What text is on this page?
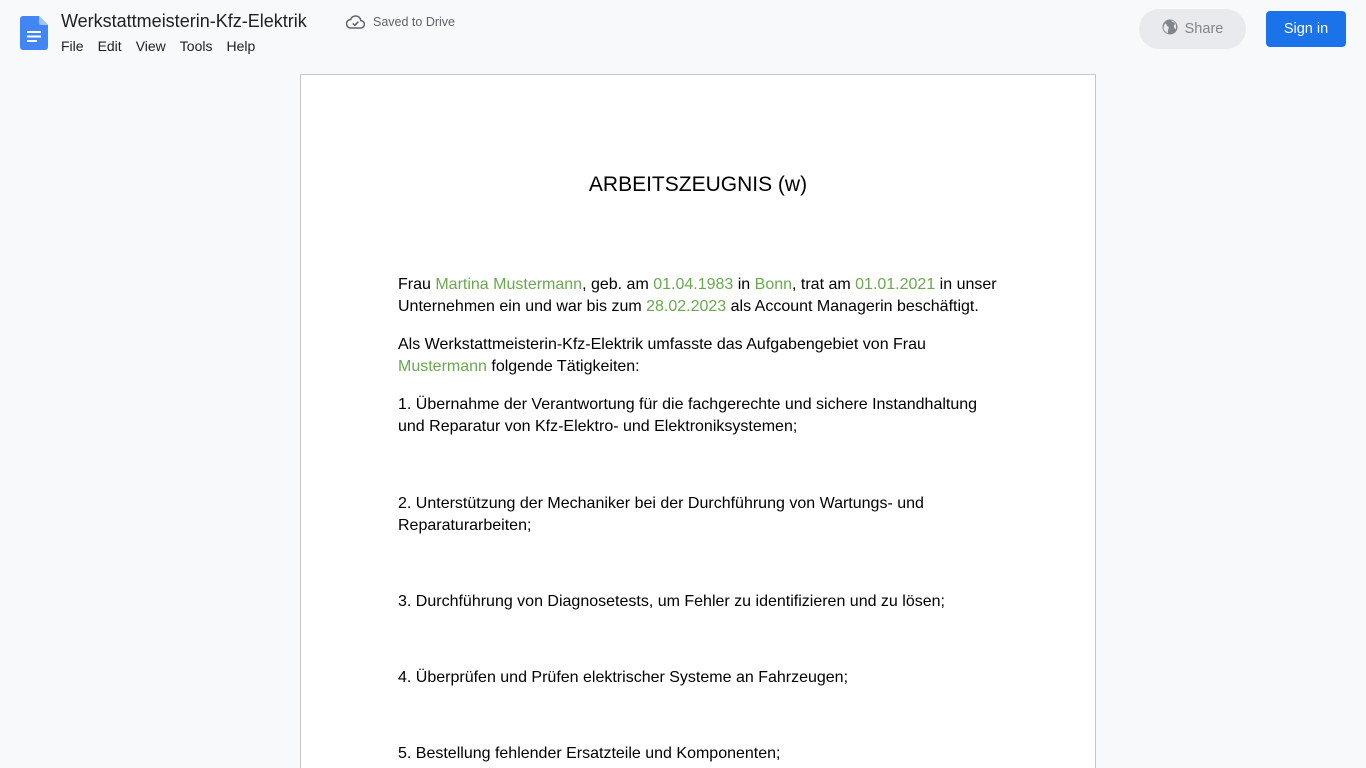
Werkstattmeisterin-Kfz-Elektrik	Saved to Drive
File	Edit	View	Tools	Help
Share	Sign in
ARBEITSZEUGNIS (w)

Frau Martina Mustermann, geb. am 01.04.1983 in Bonn, trat am 01.01.2021 in unser Unternehmen ein und war bis zum 28.02.2023 als Account Managerin beschäftigt.

Als Werkstattmeisterin-Kfz-Elektrik umfasste das Aufgabengebiet von Frau Mustermann folgende Tätigkeiten:

1. Übernahme der Verantwortung für die fachgerechte und sichere Instandhaltung und Reparatur von Kfz-Elektro- und Elektroniksystemen;

2. Unterstützung der Mechaniker bei der Durchführung von Wartungs- und Reparaturarbeiten;

3. Durchführung von Diagnosetests, um Fehler zu identifizieren und zu lösen;

4. Überprüfen und Prüfen elektrischer Systeme an Fahrzeugen;

5. Bestellung fehlender Ersatzteile und Komponenten;
